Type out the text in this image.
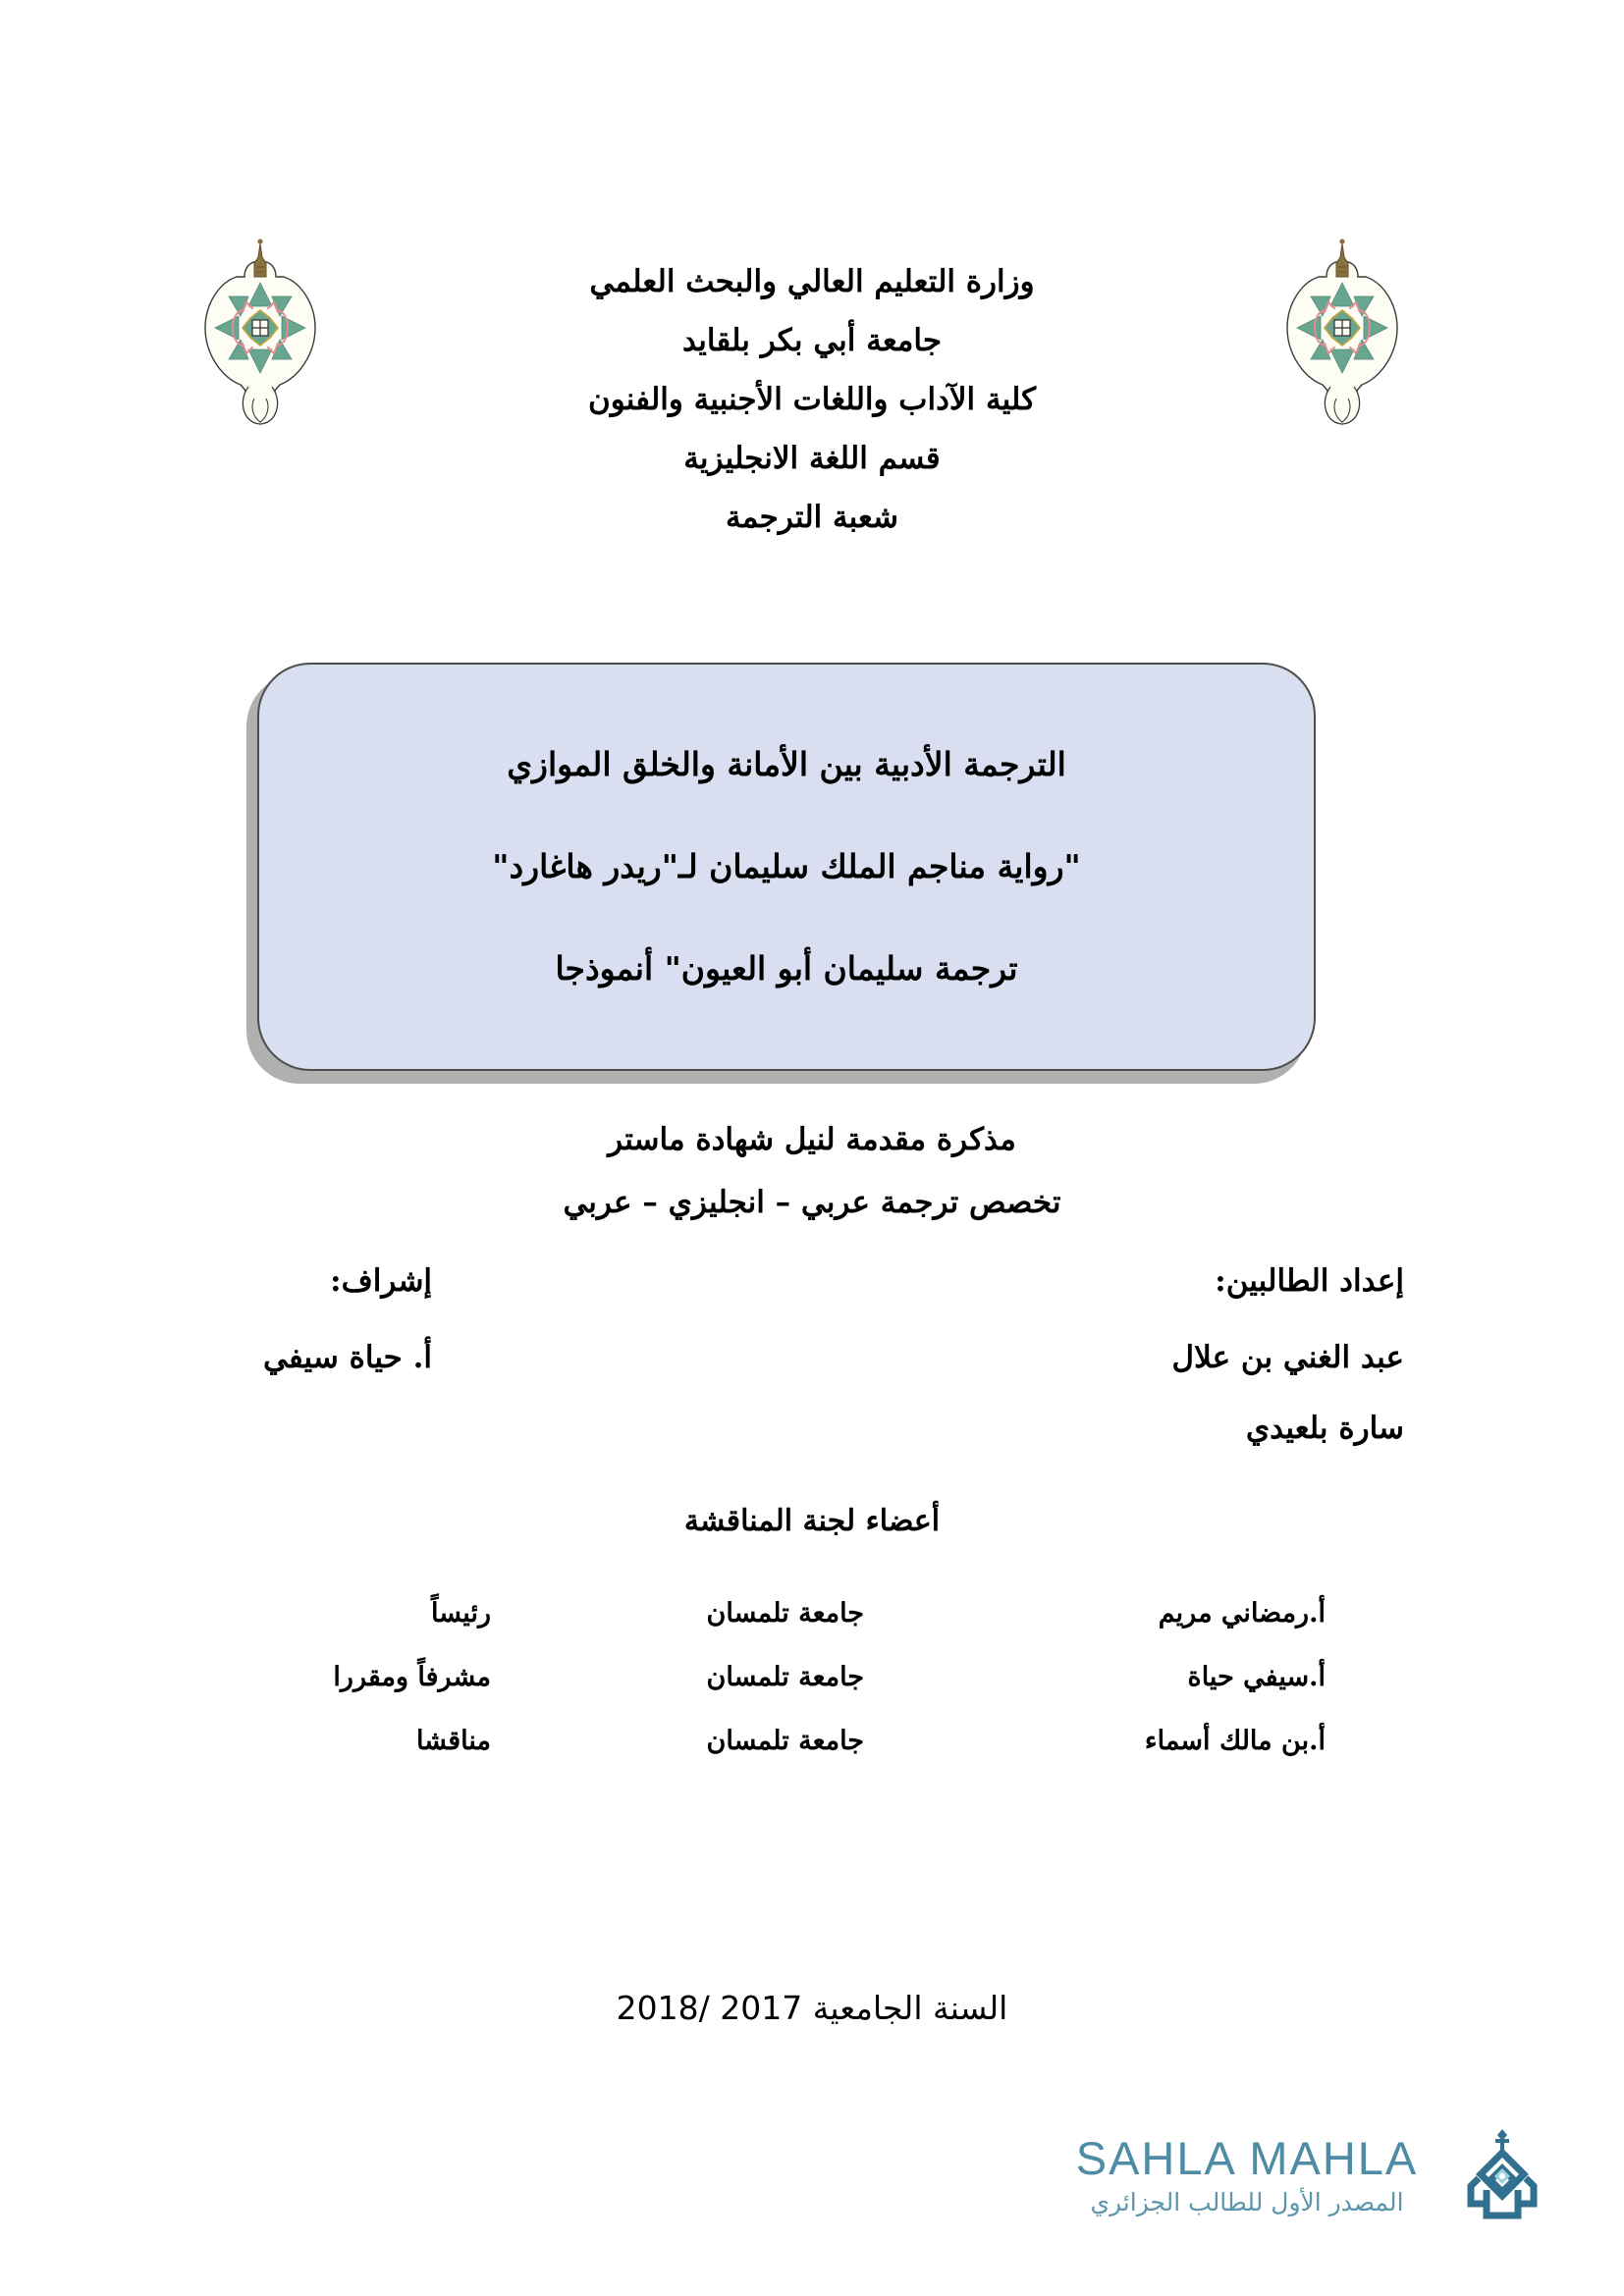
وزارة التعليم العالي والبحث العلمي
جامعة أبي بكر بلقايد
كلية الآداب واللغات الأجنبية والفنون
قسم اللغة الانجليزية
شعبة الترجمة
الترجمة الأدبية بين الأمانة والخلق الموازي
"رواية مناجم الملك سليمان لـ"ريدر هاغارد"
ترجمة سليمان أبو العيون" أنموذجا
مذكرة مقدمة لنيل شهادة ماستر
تخصص ترجمة عربي – انجليزي – عربي
إعداد الطالبين:
عبد الغني بن علال
سارة بلعيدي
إشراف:
أ. حياة سيفي
أعضاء لجنة المناقشة
أ.رمضاني مريم	جامعة تلمسان	رئيساً
أ.سيفي حياة	جامعة تلمسان	مشرفاً ومقررا
أ.بن مالك أسماء	جامعة تلمسان	مناقشا
السنة الجامعية 2017 /2018
SAHLA MAHLA
المصدر الأول للطالب الجزائري
